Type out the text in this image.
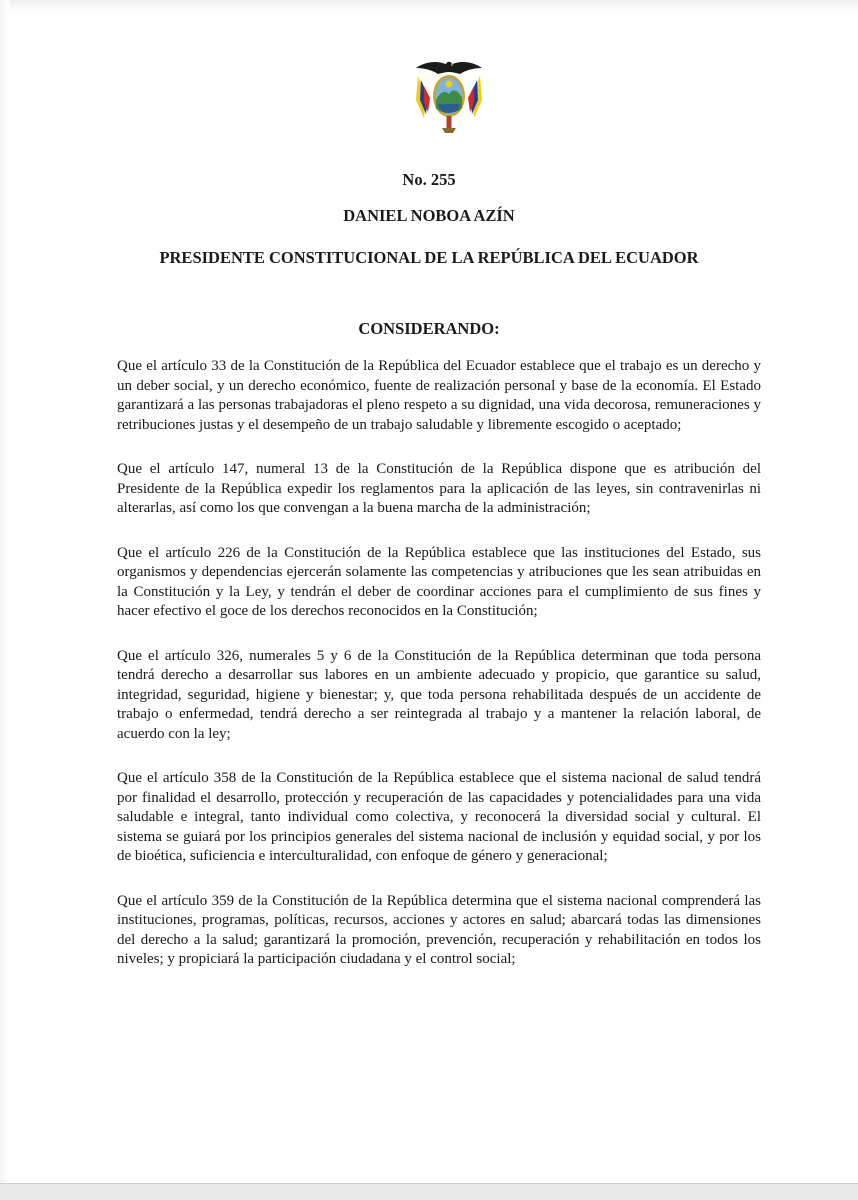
No. 255
DANIEL NOBOA AZÍN
PRESIDENTE CONSTITUCIONAL DE LA REPÚBLICA DEL ECUADOR
CONSIDERANDO:

Que el artículo 33 de la Constitución de la República del Ecuador establece que el trabajo es un derecho y un deber social, y un derecho económico, fuente de realización personal y base de la economía. El Estado garantizará a las personas trabajadoras el pleno respeto a su dignidad, una vida decorosa, remuneraciones y retribuciones justas y el desempeño de un trabajo saludable y libremente escogido o aceptado;

Que el artículo 147, numeral 13 de la Constitución de la República dispone que es atribución del Presidente de la República expedir los reglamentos para la aplicación de las leyes, sin contravenirlas ni alterarlas, así como los que convengan a la buena marcha de la administración;

Que el artículo 226 de la Constitución de la República establece que las instituciones del Estado, sus organismos y dependencias ejercerán solamente las competencias y atribuciones que les sean atribuidas en la Constitución y la Ley, y tendrán el deber de coordinar acciones para el cumplimiento de sus fines y hacer efectivo el goce de los derechos reconocidos en la Constitución;

Que el artículo 326, numerales 5 y 6 de la Constitución de la República determinan que toda persona tendrá derecho a desarrollar sus labores en un ambiente adecuado y propicio, que garantice su salud, integridad, seguridad, higiene y bienestar; y, que toda persona rehabilitada después de un accidente de trabajo o enfermedad, tendrá derecho a ser reintegrada al trabajo y a mantener la relación laboral, de acuerdo con la ley;

Que el artículo 358 de la Constitución de la República establece que el sistema nacional de salud tendrá por finalidad el desarrollo, protección y recuperación de las capacidades y potencialidades para una vida saludable e integral, tanto individual como colectiva, y reconocerá la diversidad social y cultural. El sistema se guiará por los principios generales del sistema nacional de inclusión y equidad social, y por los de bioética, suficiencia e interculturalidad, con enfoque de género y generacional;

Que el artículo 359 de la Constitución de la República determina que el sistema nacional comprenderá las instituciones, programas, políticas, recursos, acciones y actores en salud; abarcará todas las dimensiones del derecho a la salud; garantizará la promoción, prevención, recuperación y rehabilitación en todos los niveles; y propiciará la participación ciudadana y el control social;
